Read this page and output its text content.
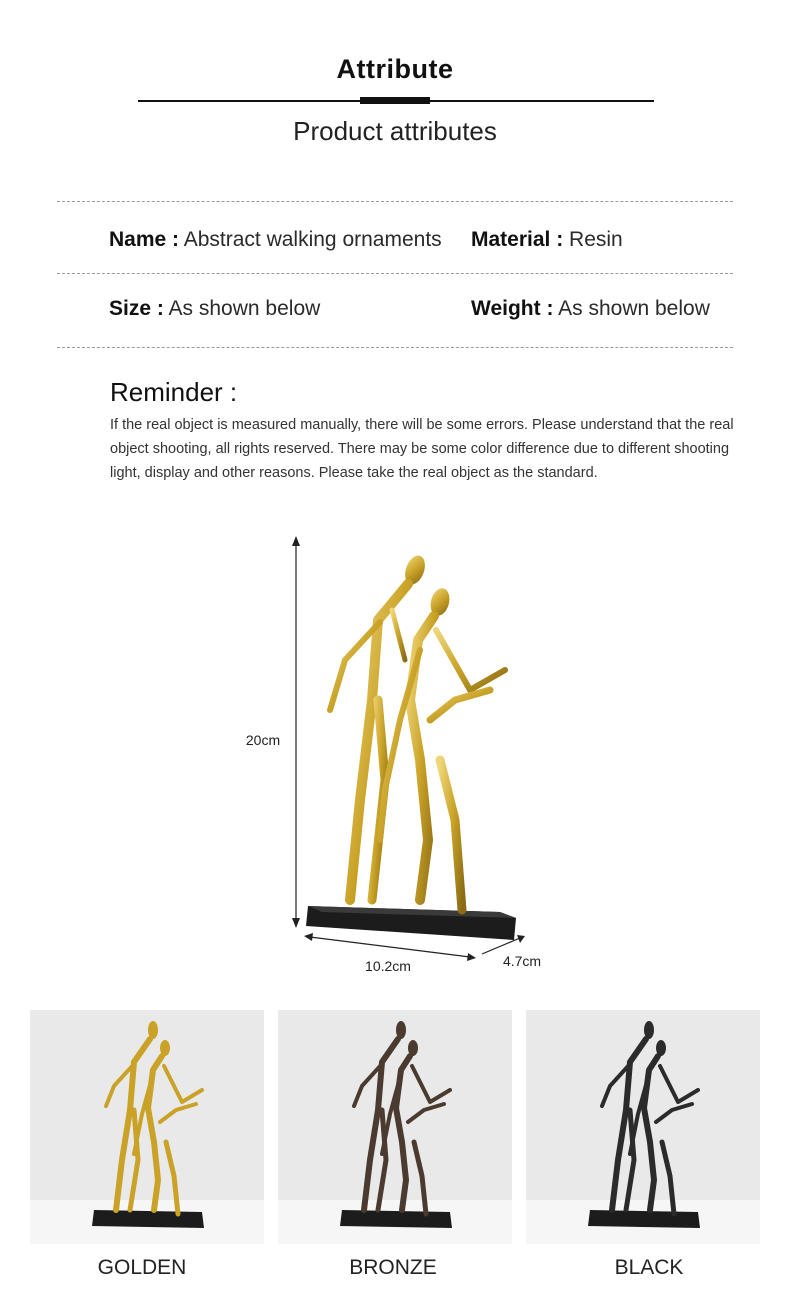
Attribute
Product attributes
Name : Abstract walking ornaments Material : Resin
Size : As shown below	Weight : As shown below
Reminder :
If the real object is measured manually, there will be some errors. Please understand that the real object shooting, all rights reserved. There may be some color difference due to different shooting light, display and other reasons. Please take the real object as the standard.
20cm
10.2cm	4.7cm
GOLDEN	BRONZE	BLACK
